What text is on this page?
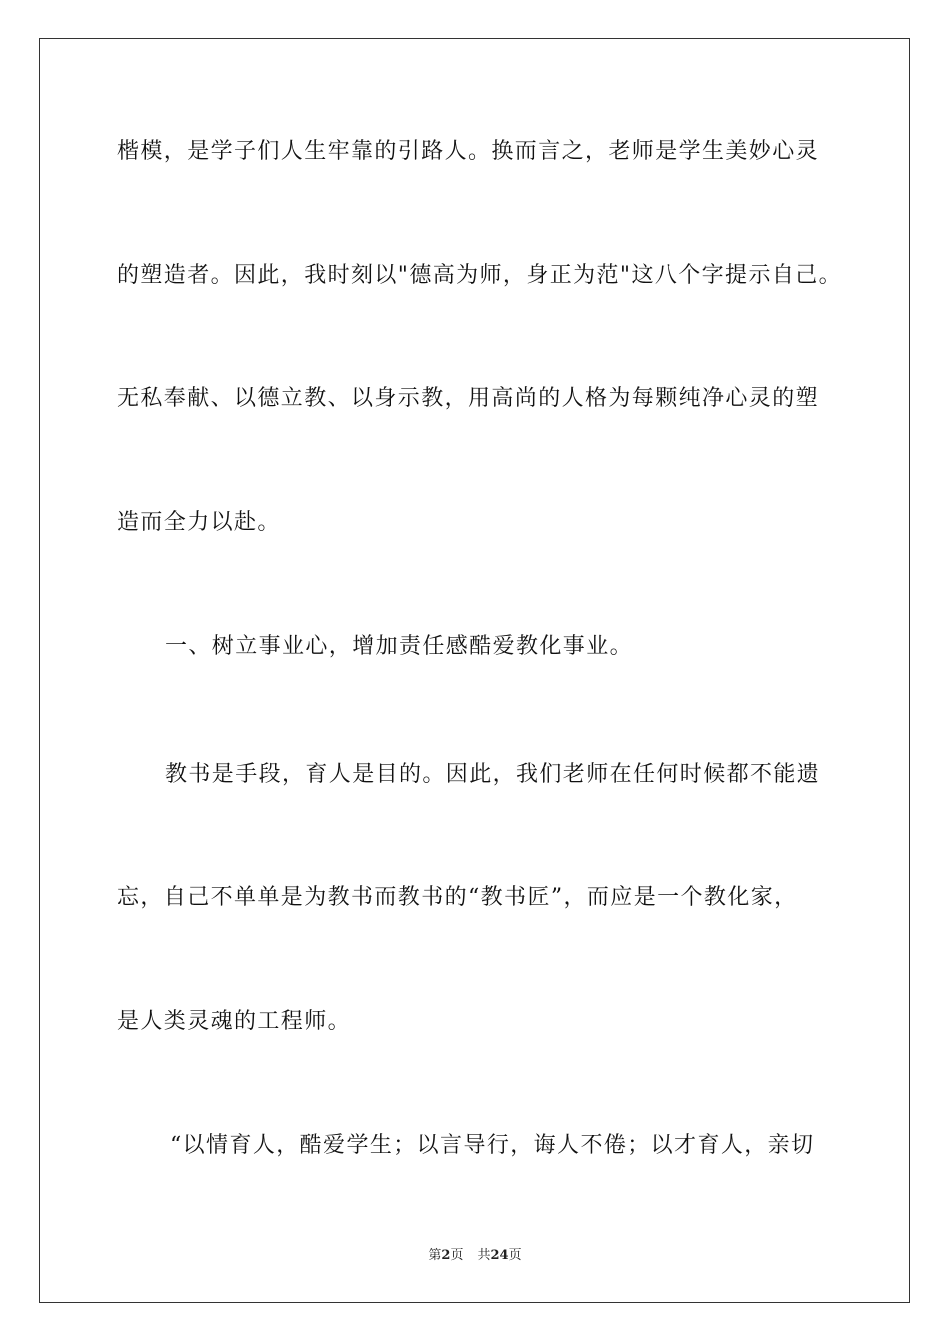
楷模，是学子们人生牢靠的引路人。换而言之，老师是学生美妙心灵
的塑造者。因此，我时刻以"德高为师，身正为范"这八个字提示自己。
无私奉献、以德立教、以身示教，用高尚的人格为每颗纯净心灵的塑
造而全力以赴。
一、树立事业心，增加责任感酷爱教化事业。
教书是手段，育人是目的。因此，我们老师在任何时候都不能遗
忘，自己不单单是为教书而教书的“教书匠”，而应是一个教化家，
是人类灵魂的工程师。
“以情育人，酷爱学生；以言导行，诲人不倦；以才育人，亲切
第2页 共24页
